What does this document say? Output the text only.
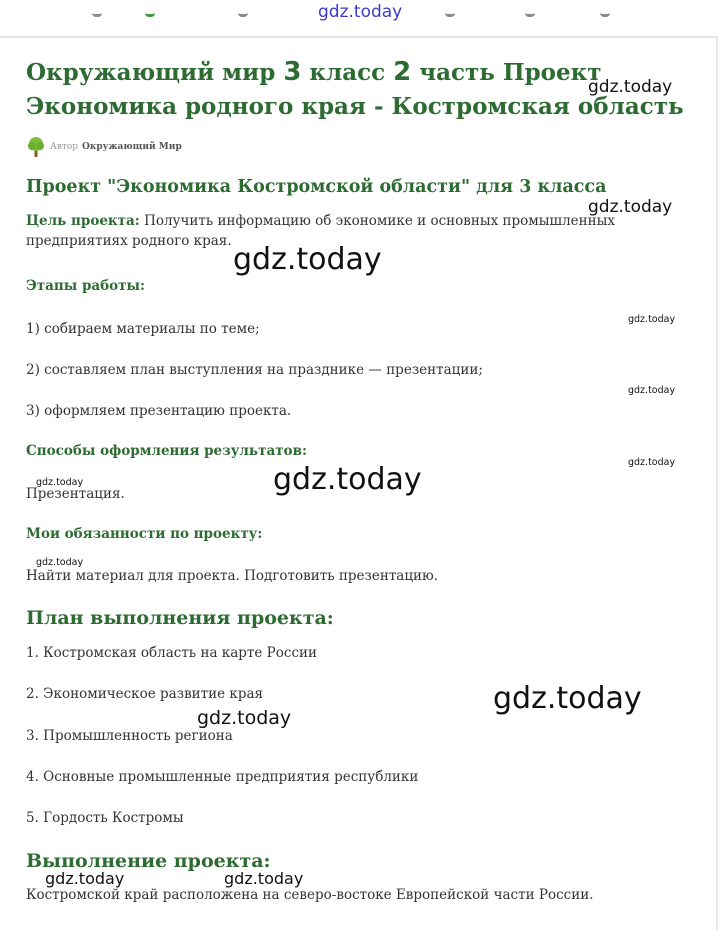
gdz.today
Окружающий мир 3 класс 2 часть Проект
Экономика родного края - Костромская область
Автор Окружающий Мир
Проект "Экономика Костромской области" для 3 класса
Цель проекта: Получить информацию об экономике и основных промышленных предприятиях родного края.
Этапы работы:
1) собираем материалы по теме;
2) составляем план выступления на празднике — презентации;
3) оформляем презентацию проекта.
Способы оформления результатов:
Презентация.
Мои обязанности по проекту:
Найти материал для проекта. Подготовить презентацию.
План выполнения проекта:
1. Костромская область на карте России
2. Экономическое развитие края
3. Промышленность региона
4. Основные промышленные предприятия республики
5. Гордость Костромы
Выполнение проекта:
Костромской край расположена на северо-востоке Европейской части России.
gdz.today
gdz.today
gdz.today
gdz.today
gdz.today
gdz.today
gdz.today
gdz.today
gdz.today
gdz.today
gdz.today
gdz.today	gdz.today
